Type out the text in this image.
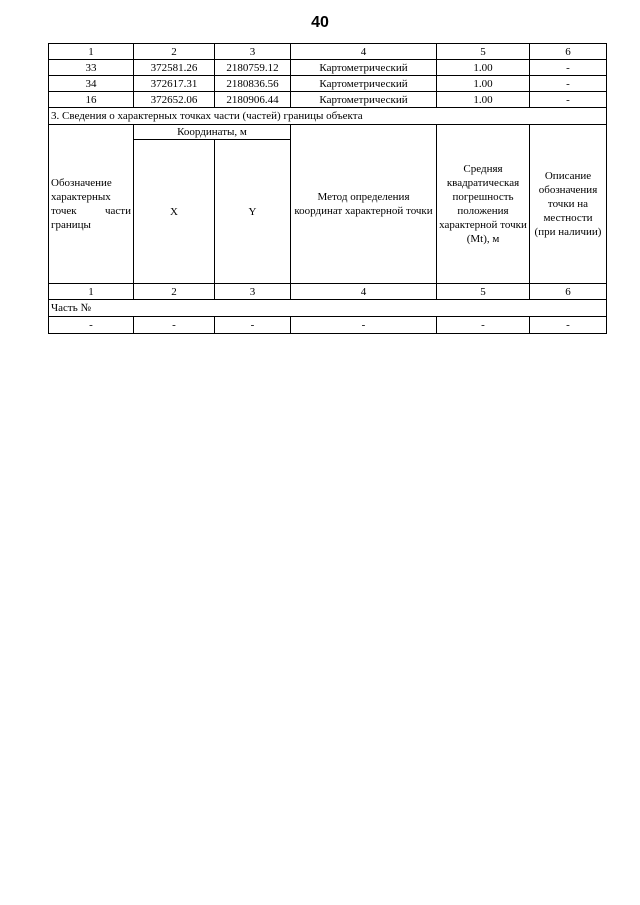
40
1	2	3	4	5	6
33	372581.26	2180759.12	Картометрический	1.00	-
34	372617.31	2180836.56	Картометрический	1.00	-
16	372652.06	2180906.44	Картометрический	1.00	-
3. Сведения о характерных точках части (частей) границы объекта					
Обозначение характерных точек части границы	Координаты, м		Метод определения координат характерной точки	Средняя квадратическая погрешность положения характерной точки (Mt), м	Описание обозначения точки на местности (при наличии)
	X	Y			
1	2	3	4	5	6
Часть №					
-	-	-	-	-	-
